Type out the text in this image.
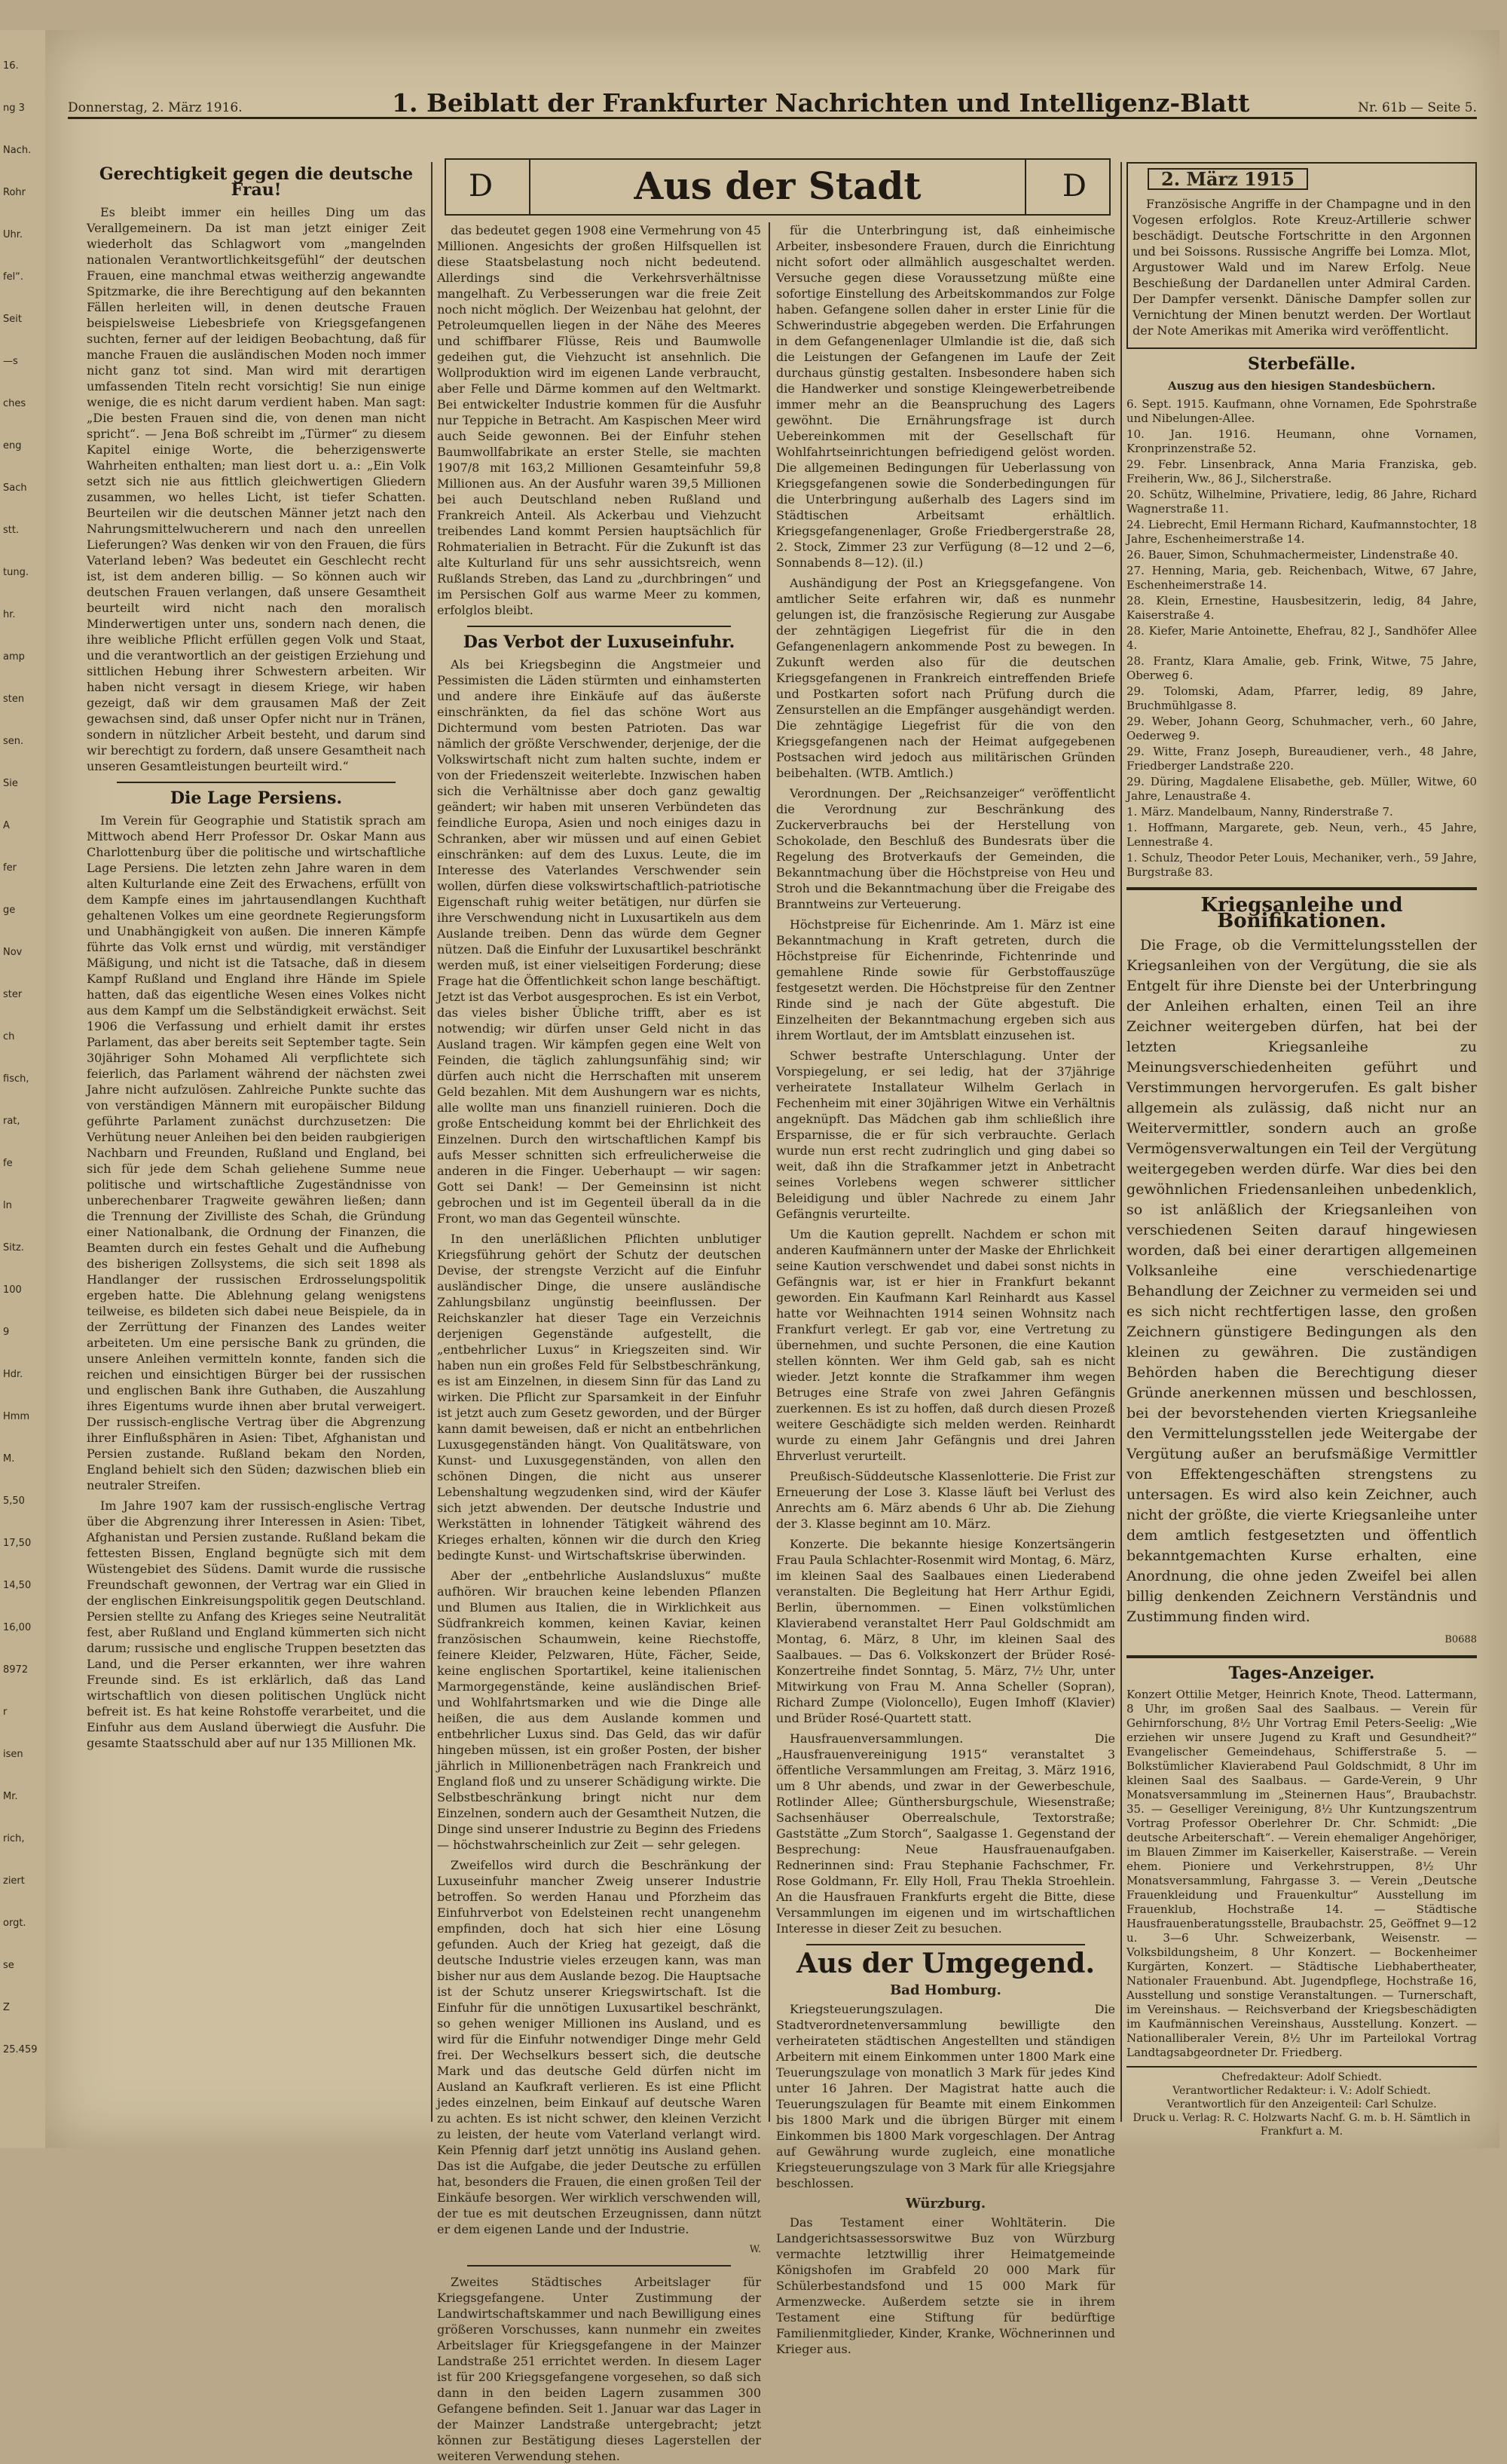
16.
ng 3
Nach.
Rohr
Uhr.
fel“.
Seit
—s
ches
eng
Sach
stt.
tung.
hr.
amp
sten
sen.
Sie
A
fer
ge
Nov
ster
ch
fisch,
rat,
fe
ln
Sitz.
100
9
Hdr.
Hmm
M.
5,50
17,50
14,50
16,00
8972
r
isen
Mr.
rich,
ziert
orgt.
se
Z
25.459
Donnerstag, 2. März 1916.	1. Beiblatt der Frankfurter Nachrichten und Intelligenz-Blatt	Nr. 61b — Seite 5.
D	Aus der Stadt	D
Gerechtigkeit gegen die deutsche Frau!

Es bleibt immer ein heilles Ding um das Verallgemeinern. Da ist man jetzt einiger Zeit wiederholt das Schlagwort vom „mangelnden nationalen Verantwortlichkeitsgefühl“ der deutschen Frauen, eine manchmal etwas weitherzig angewandte Spitzmarke, die ihre Berechtigung auf den bekannten Fällen herleiten will, in denen deutsche Frauen beispielsweise Liebesbriefe von Kriegsgefangenen suchten, ferner auf der leidigen Beobachtung, daß für manche Frauen die ausländischen Moden noch immer nicht ganz tot sind. Man wird mit derartigen umfassenden Titeln recht vorsichtig! Sie nun einige wenige, die es nicht darum verdient haben. Man sagt: „Die besten Frauen sind die, von denen man nicht spricht“. — Jena Boß schreibt im „Türmer“ zu diesem Kapitel einige Worte, die beherzigenswerte Wahrheiten enthalten; man liest dort u. a.: „Ein Volk setzt sich nie aus fittlich gleichwertigen Gliedern zusammen, wo helles Licht, ist tiefer Schatten. Beurteilen wir die deutschen Männer jetzt nach den Nahrungsmittelwucherern und nach den unreellen Lieferungen? Was denken wir von den Frauen, die fürs Vaterland leben? Was bedeutet ein Geschlecht recht ist, ist dem anderen billig. — So können auch wir deutschen Frauen verlangen, daß unsere Gesamtheit beurteilt wird nicht nach den moralisch Minderwertigen unter uns, sondern nach denen, die ihre weibliche Pflicht erfüllen gegen Volk und Staat, und die verantwortlich an der geistigen Erziehung und sittlichen Hebung ihrer Schwestern arbeiten. Wir haben nicht versagt in diesem Kriege, wir haben gezeigt, daß wir dem grausamen Maß der Zeit gewachsen sind, daß unser Opfer nicht nur in Tränen, sondern in nützlicher Arbeit besteht, und darum sind wir berechtigt zu fordern, daß unsere Gesamtheit nach unseren Gesamtleistungen beurteilt wird.“

Die Lage Persiens.

Im Verein für Geographie und Statistik sprach am Mittwoch abend Herr Professor Dr. Oskar Mann aus Charlottenburg über die politische und wirtschaftliche Lage Persiens. Die letzten zehn Jahre waren in dem alten Kulturlande eine Zeit des Erwachens, erfüllt von dem Kampfe eines im jahrtausendlangen Kuchthaft gehaltenen Volkes um eine geordnete Regierungsform und Unabhängigkeit von außen. Die inneren Kämpfe führte das Volk ernst und würdig, mit verständiger Mäßigung, und nicht ist die Tatsache, daß in diesem Kampf Rußland und England ihre Hände im Spiele hatten, daß das eigentliche Wesen eines Volkes nicht aus dem Kampf um die Selbständigkeit erwächst. Seit 1906 die Verfassung und erhielt damit ihr erstes Parlament, das aber bereits seit September tagte. Sein 30jähriger Sohn Mohamed Ali verpflichtete sich feierlich, das Parlament während der nächsten zwei Jahre nicht aufzulösen. Zahlreiche Punkte suchte das von verständigen Männern mit europäischer Bildung geführte Parlament zunächst durchzusetzen: Die Verhütung neuer Anleihen bei den beiden raubgierigen Nachbarn und Freunden, Rußland und England, bei sich für jede dem Schah geliehene Summe neue politische und wirtschaftliche Zugeständnisse von unberechenbarer Tragweite gewähren ließen; dann die Trennung der Zivilliste des Schah, die Gründung einer Nationalbank, die Ordnung der Finanzen, die Beamten durch ein festes Gehalt und die Aufhebung des bisherigen Zollsystems, die sich seit 1898 als Handlanger der russischen Erdrosselungspolitik ergeben hatte. Die Ablehnung gelang wenigstens teilweise, es bildeten sich dabei neue Beispiele, da in der Zerrüttung der Finanzen des Landes weiter arbeiteten. Um eine persische Bank zu gründen, die unsere Anleihen vermitteln konnte, fanden sich die reichen und einsichtigen Bürger bei der russischen und englischen Bank ihre Guthaben, die Auszahlung ihres Eigentums wurde ihnen aber brutal verweigert. Der russisch-englische Vertrag über die Abgrenzung ihrer Einflußsphären in Asien: Tibet, Afghanistan und Persien zustande. Rußland bekam den Norden, England behielt sich den Süden; dazwischen blieb ein neutraler Streifen.

Im Jahre 1907 kam der russisch-englische Vertrag über die Abgrenzung ihrer Interessen in Asien: Tibet, Afghanistan und Persien zustande. Rußland bekam die fettesten Bissen, England begnügte sich mit dem Wüstengebiet des Südens. Damit wurde die russische Freundschaft gewonnen, der Vertrag war ein Glied in der englischen Einkreisungspolitik gegen Deutschland. Persien stellte zu Anfang des Krieges seine Neutralität fest, aber Rußland und England kümmerten sich nicht darum; russische und englische Truppen besetzten das Land, und die Perser erkannten, wer ihre wahren Freunde sind. Es ist erklärlich, daß das Land wirtschaftlich von diesen politischen Unglück nicht befreit ist. Es hat keine Rohstoffe verarbeitet, und die Einfuhr aus dem Ausland überwiegt die Ausfuhr. Die gesamte Staatsschuld aber auf nur 135 Millionen Mk.

das bedeutet gegen 1908 eine Vermehrung von 45 Millionen. Angesichts der großen Hilfsquellen ist diese Staatsbelastung noch nicht bedeutend. Allerdings sind die Verkehrsverhältnisse mangelhaft. Zu Verbesserungen war die freie Zeit noch nicht möglich. Der Weizenbau hat gelohnt, der Petroleumquellen liegen in der Nähe des Meeres und schiffbarer Flüsse, Reis und Baumwolle gedeihen gut, die Viehzucht ist ansehnlich. Die Wollproduktion wird im eigenen Lande verbraucht, aber Felle und Därme kommen auf den Weltmarkt. Bei entwickelter Industrie kommen für die Ausfuhr nur Teppiche in Betracht. Am Kaspischen Meer wird auch Seide gewonnen. Bei der Einfuhr stehen Baumwollfabrikate an erster Stelle, sie machten 1907/8 mit 163,2 Millionen Gesamteinfuhr 59,8 Millionen aus. An der Ausfuhr waren 39,5 Millionen bei auch Deutschland neben Rußland und Frankreich Anteil. Als Ackerbau und Viehzucht treibendes Land kommt Persien hauptsächlich für Rohmaterialien in Betracht. Für die Zukunft ist das alte Kulturland für uns sehr aussichtsreich, wenn Rußlands Streben, das Land zu „durchbringen“ und im Persischen Golf aus warme Meer zu kommen, erfolglos bleibt.

Das Verbot der Luxuseinfuhr.

Als bei Kriegsbeginn die Angstmeier und Pessimisten die Läden stürmten und einhamsterten und andere ihre Einkäufe auf das äußerste einschränkten, da fiel das schöne Wort aus Dichtermund vom besten Patrioten. Das war nämlich der größte Verschwender, derjenige, der die Volkswirtschaft nicht zum halten suchte, indem er von der Friedenszeit weiterlebte. Inzwischen haben sich die Verhältnisse aber doch ganz gewaltig geändert; wir haben mit unseren Verbündeten das feindliche Europa, Asien und noch einiges dazu in Schranken, aber wir müssen und auf einen Gebiet einschränken: auf dem des Luxus. Leute, die im Interesse des Vaterlandes Verschwender sein wollen, dürfen diese volkswirtschaftlich-patriotische Eigenschaft ruhig weiter betätigen, nur dürfen sie ihre Verschwendung nicht in Luxusartikeln aus dem Auslande treiben. Denn das würde dem Gegner nützen. Daß die Einfuhr der Luxusartikel beschränkt werden muß, ist einer vielseitigen Forderung; diese Frage hat die Öffentlichkeit schon lange beschäftigt. Jetzt ist das Verbot ausgesprochen. Es ist ein Verbot, das vieles bisher Übliche trifft, aber es ist notwendig; wir dürfen unser Geld nicht in das Ausland tragen. Wir kämpfen gegen eine Welt von Feinden, die täglich zahlungsunfähig sind; wir dürfen auch nicht die Herrschaften mit unserem Geld bezahlen. Mit dem Aushungern war es nichts, alle wollte man uns finanziell ruinieren. Doch die große Entscheidung kommt bei der Ehrlichkeit des Einzelnen. Durch den wirtschaftlichen Kampf bis aufs Messer schnitten sich erfreulicherweise die anderen in die Finger. Ueberhaupt — wir sagen: Gott sei Dank! — Der Gemeinsinn ist nicht gebrochen und ist im Gegenteil überall da in die Front, wo man das Gegenteil wünschte.

In den unerläßlichen Pflichten unblutiger Kriegsführung gehört der Schutz der deutschen Devise, der strengste Verzicht auf die Einfuhr ausländischer Dinge, die unsere ausländische Zahlungsbilanz ungünstig beeinflussen. Der Reichskanzler hat dieser Tage ein Verzeichnis derjenigen Gegenstände aufgestellt, die „entbehrlicher Luxus“ in Kriegszeiten sind. Wir haben nun ein großes Feld für Selbstbeschränkung, es ist am Einzelnen, in diesem Sinn für das Land zu wirken. Die Pflicht zur Sparsamkeit in der Einfuhr ist jetzt auch zum Gesetz geworden, und der Bürger kann damit beweisen, daß er nicht an entbehrlichen Luxusgegenständen hängt. Von Qualitätsware, von Kunst- und Luxusgegenständen, von allen den schönen Dingen, die nicht aus unserer Lebenshaltung wegzudenken sind, wird der Käufer sich jetzt abwenden. Der deutsche Industrie und Werkstätten in lohnender Tätigkeit während des Krieges erhalten, können wir die durch den Krieg bedingte Kunst- und Wirtschaftskrise überwinden.

Aber der „entbehrliche Auslandsluxus“ mußte aufhören. Wir brauchen keine lebenden Pflanzen und Blumen aus Italien, die in Wirklichkeit aus Südfrankreich kommen, keinen Kaviar, keinen französischen Schaumwein, keine Riechstoffe, feinere Kleider, Pelzwaren, Hüte, Fächer, Seide, keine englischen Sportartikel, keine italienischen Marmorgegenstände, keine ausländischen Brief- und Wohlfahrtsmarken und wie die Dinge alle heißen, die aus dem Auslande kommen und entbehrlicher Luxus sind. Das Geld, das wir dafür hingeben müssen, ist ein großer Posten, der bisher jährlich in Millionenbeträgen nach Frankreich und England floß und zu unserer Schädigung wirkte. Die Selbstbeschränkung bringt nicht nur dem Einzelnen, sondern auch der Gesamtheit Nutzen, die Dinge sind unserer Industrie zu Beginn des Friedens — höchstwahrscheinlich zur Zeit — sehr gelegen.

Zweifellos wird durch die Beschränkung der Luxuseinfuhr mancher Zweig unserer Industrie betroffen. So werden Hanau und Pforzheim das Einfuhrverbot von Edelsteinen recht unangenehm empfinden, doch hat sich hier eine Lösung gefunden. Auch der Krieg hat gezeigt, daß die deutsche Industrie vieles erzeugen kann, was man bisher nur aus dem Auslande bezog. Die Hauptsache ist der Schutz unserer Kriegswirtschaft. Ist die Einfuhr für die unnötigen Luxusartikel beschränkt, so gehen weniger Millionen ins Ausland, und es wird für die Einfuhr notwendiger Dinge mehr Geld frei. Der Wechselkurs bessert sich, die deutsche Mark und das deutsche Geld dürfen nicht im Ausland an Kaufkraft verlieren. Es ist eine Pflicht jedes einzelnen, beim Einkauf auf deutsche Waren zu achten. Es ist nicht schwer, den kleinen Verzicht zu leisten, der heute vom Vaterland verlangt wird. Kein Pfennig darf jetzt unnötig ins Ausland gehen. Das ist die Aufgabe, die jeder Deutsche zu erfüllen hat, besonders die Frauen, die einen großen Teil der Einkäufe besorgen. Wer wirklich verschwenden will, der tue es mit deutschen Erzeugnissen, dann nützt er dem eigenen Lande und der Industrie.

W.

Zweites Städtisches Arbeitslager für Kriegsgefangene. Unter Zustimmung der Landwirtschaftskammer und nach Bewilligung eines größeren Vorschusses, kann nunmehr ein zweites Arbeitslager für Kriegsgefangene in der Mainzer Landstraße 251 errichtet werden. In diesem Lager ist für 200 Kriegsgefangene vorgesehen, so daß sich dann in den beiden Lagern zusammen 300 Gefangene befinden. Seit 1. Januar war das Lager in der Mainzer Landstraße untergebracht; jetzt können zur Bestätigung dieses Lagerstellen der weiteren Verwendung stehen.

für die Unterbringung ist, daß einheimische Arbeiter, insbesondere Frauen, durch die Einrichtung nicht sofort oder allmählich ausgeschaltet werden. Versuche gegen diese Voraussetzung müßte eine sofortige Einstellung des Arbeitskommandos zur Folge haben. Gefangene sollen daher in erster Linie für die Schwerindustrie abgegeben werden. Die Erfahrungen in dem Gefangenenlager Ulmlandie ist die, daß sich die Leistungen der Gefangenen im Laufe der Zeit durchaus günstig gestalten. Insbesondere haben sich die Handwerker und sonstige Kleingewerbetreibende immer mehr an die Beanspruchung des Lagers gewöhnt. Die Ernährungsfrage ist durch Uebereinkommen mit der Gesellschaft für Wohlfahrtseinrichtungen befriedigend gelöst worden. Die allgemeinen Bedingungen für Ueberlassung von Kriegsgefangenen sowie die Sonderbedingungen für die Unterbringung außerhalb des Lagers sind im Städtischen Arbeitsamt erhältlich. Kriegsgefangenenlager, Große Friedbergerstraße 28, 2. Stock, Zimmer 23 zur Verfügung (8—12 und 2—6, Sonnabends 8—12). (il.)

Aushändigung der Post an Kriegsgefangene. Von amtlicher Seite erfahren wir, daß es nunmehr gelungen ist, die französische Regierung zur Ausgabe der zehntägigen Liegefrist für die in den Gefangenenlagern ankommende Post zu bewegen. In Zukunft werden also für die deutschen Kriegsgefangenen in Frankreich eintreffenden Briefe und Postkarten sofort nach Prüfung durch die Zensurstellen an die Empfänger ausgehändigt werden. Die zehntägige Liegefrist für die von den Kriegsgefangenen nach der Heimat aufgegebenen Postsachen wird jedoch aus militärischen Gründen beibehalten. (WTB. Amtlich.)

Verordnungen. Der „Reichsanzeiger“ veröffentlicht die Verordnung zur Beschränkung des Zuckerverbrauchs bei der Herstellung von Schokolade, den Beschluß des Bundesrats über die Regelung des Brotverkaufs der Gemeinden, die Bekanntmachung über die Höchstpreise von Heu und Stroh und die Bekanntmachung über die Freigabe des Branntweins zur Verteuerung.

Höchstpreise für Eichenrinde. Am 1. März ist eine Bekanntmachung in Kraft getreten, durch die Höchstpreise für Eichenrinde, Fichtenrinde und gemahlene Rinde sowie für Gerbstoffauszüge festgesetzt werden. Die Höchstpreise für den Zentner Rinde sind je nach der Güte abgestuft. Die Einzelheiten der Bekanntmachung ergeben sich aus ihrem Wortlaut, der im Amtsblatt einzusehen ist.

Schwer bestrafte Unterschlagung. Unter der Vorspiegelung, er sei ledig, hat der 37jährige verheiratete Installateur Wilhelm Gerlach in Fechenheim mit einer 30jährigen Witwe ein Verhältnis angeknüpft. Das Mädchen gab ihm schließlich ihre Ersparnisse, die er für sich verbrauchte. Gerlach wurde nun erst recht zudringlich und ging dabei so weit, daß ihn die Strafkammer jetzt in Anbetracht seines Vorlebens wegen schwerer sittlicher Beleidigung und übler Nachrede zu einem Jahr Gefängnis verurteilte.

Um die Kaution geprellt. Nachdem er schon mit anderen Kaufmännern unter der Maske der Ehrlichkeit seine Kaution verschwendet und dabei sonst nichts in Gefängnis war, ist er hier in Frankfurt bekannt geworden. Ein Kaufmann Karl Reinhardt aus Kassel hatte vor Weihnachten 1914 seinen Wohnsitz nach Frankfurt verlegt. Er gab vor, eine Vertretung zu übernehmen, und suchte Personen, die eine Kaution stellen könnten. Wer ihm Geld gab, sah es nicht wieder. Jetzt konnte die Strafkammer ihm wegen Betruges eine Strafe von zwei Jahren Gefängnis zuerkennen. Es ist zu hoffen, daß durch diesen Prozeß weitere Geschädigte sich melden werden. Reinhardt wurde zu einem Jahr Gefängnis und drei Jahren Ehrverlust verurteilt.

Preußisch-Süddeutsche Klassenlotterie. Die Frist zur Erneuerung der Lose 3. Klasse läuft bei Verlust des Anrechts am 6. März abends 6 Uhr ab. Die Ziehung der 3. Klasse beginnt am 10. März.

Konzerte. Die bekannte hiesige Konzertsängerin Frau Paula Schlachter-Rosenmit wird Montag, 6. März, im kleinen Saal des Saalbaues einen Liederabend veranstalten. Die Begleitung hat Herr Arthur Egidi, Berlin, übernommen. — Einen volkstümlichen Klavierabend veranstaltet Herr Paul Goldschmidt am Montag, 6. März, 8 Uhr, im kleinen Saal des Saalbaues. — Das 6. Volkskonzert der Brüder Rosé-Konzertreihe findet Sonntag, 5. März, 7½ Uhr, unter Mitwirkung von Frau M. Anna Scheller (Sopran), Richard Zumpe (Violoncello), Eugen Imhoff (Klavier) und Brüder Rosé-Quartett statt.

Hausfrauenversammlungen. Die „Hausfrauenvereinigung 1915“ veranstaltet 3 öffentliche Versammlungen am Freitag, 3. März 1916, um 8 Uhr abends, und zwar in der Gewerbeschule, Rotlinder Allee; Günthersburgschule, Wiesenstraße; Sachsenhäuser Oberrealschule, Textorstraße; Gaststätte „Zum Storch“, Saalgasse 1. Gegenstand der Besprechung: Neue Hausfrauenaufgaben. Rednerinnen sind: Frau Stephanie Fachschmer, Fr. Rose Goldmann, Fr. Elly Holl, Frau Thekla Stroehlein. An die Hausfrauen Frankfurts ergeht die Bitte, diese Versammlungen im eigenen und im wirtschaftlichen Interesse in dieser Zeit zu besuchen.

Aus der Umgegend.
Bad Homburg.

Kriegsteuerungszulagen. Die Stadtverordnetenversammlung bewilligte den verheirateten städtischen Angestellten und ständigen Arbeitern mit einem Einkommen unter 1800 Mark eine Teuerungszulage von monatlich 3 Mark für jedes Kind unter 16 Jahren. Der Magistrat hatte auch die Teuerungszulagen für Beamte mit einem Einkommen bis 1800 Mark und die übrigen Bürger mit einem Einkommen bis 1800 Mark vorgeschlagen. Der Antrag auf Gewährung wurde zugleich, eine monatliche Kriegsteuerungszulage von 3 Mark für alle Kriegsjahre beschlossen.

Würzburg.

Das Testament einer Wohltäterin. Die Landgerichtsassessorswitwe Buz von Würzburg vermachte letztwillig ihrer Heimatgemeinde Königshofen im Grabfeld 20 000 Mark für Schülerbestandsfond und 15 000 Mark für Armenzwecke. Außerdem setzte sie in ihrem Testament eine Stiftung für bedürftige Familienmitglieder, Kinder, Kranke, Wöchnerinnen und Krieger aus.

2. März 1915

Französische Angriffe in der Champagne und in den Vogesen erfolglos. Rote Kreuz-Artillerie schwer beschädigt. Deutsche Fortschritte in den Argonnen und bei Soissons. Russische Angriffe bei Lomza. Mlot, Argustower Wald und im Narew Erfolg. Neue Beschießung der Dardanellen unter Admiral Carden. Der Dampfer versenkt. Dänische Dampfer sollen zur Vernichtung der Minen benutzt werden. Der Wortlaut der Note Amerikas mit Amerika wird veröffentlicht.

Sterbefälle.
Auszug aus den hiesigen Standesbüchern.

6. Sept. 1915. Kaufmann, ohne Vornamen, Ede Spohrstraße und Nibelungen-Allee.

10. Jan. 1916. Heumann, ohne Vornamen, Kronprinzenstraße 52.

29. Febr. Linsenbrack, Anna Maria Franziska, geb. Freiherin, Ww., 86 J., Silcherstraße.

20. Schütz, Wilhelmine, Privatiere, ledig, 86 Jahre, Richard Wagnerstraße 11.

24. Liebrecht, Emil Hermann Richard, Kaufmannstochter, 18 Jahre, Eschenheimerstraße 14.

26. Bauer, Simon, Schuhmachermeister, Lindenstraße 40.

27. Henning, Maria, geb. Reichenbach, Witwe, 67 Jahre, Eschenheimerstraße 14.

28. Klein, Ernestine, Hausbesitzerin, ledig, 84 Jahre, Kaiserstraße 4.

28. Kiefer, Marie Antoinette, Ehefrau, 82 J., Sandhöfer Allee 4.

28. Frantz, Klara Amalie, geb. Frink, Witwe, 75 Jahre, Oberweg 6.

29. Tolomski, Adam, Pfarrer, ledig, 89 Jahre, Bruchmühlgasse 8.

29. Weber, Johann Georg, Schuhmacher, verh., 60 Jahre, Oederweg 9.

29. Witte, Franz Joseph, Bureaudiener, verh., 48 Jahre, Friedberger Landstraße 220.

29. Düring, Magdalene Elisabethe, geb. Müller, Witwe, 60 Jahre, Lenaustraße 4.

1. März. Mandelbaum, Nanny, Rinderstraße 7.

1. Hoffmann, Margarete, geb. Neun, verh., 45 Jahre, Lennestraße 4.

1. Schulz, Theodor Peter Louis, Mechaniker, verh., 59 Jahre, Burgstraße 83.

Kriegsanleihe und Bonifikationen.

Die Frage, ob die Vermittelungsstellen der Kriegsanleihen von der Vergütung, die sie als Entgelt für ihre Dienste bei der Unterbringung der Anleihen erhalten, einen Teil an ihre Zeichner weitergeben dürfen, hat bei der letzten Kriegsanleihe zu Meinungsverschiedenheiten geführt und Verstimmungen hervorgerufen. Es galt bisher allgemein als zulässig, daß nicht nur an Weitervermittler, sondern auch an große Vermögensverwaltungen ein Teil der Vergütung weitergegeben werden dürfe. War dies bei den gewöhnlichen Friedensanleihen unbedenklich, so ist anläßlich der Kriegsanleihen von verschiedenen Seiten darauf hingewiesen worden, daß bei einer derartigen allgemeinen Volksanleihe eine verschiedenartige Behandlung der Zeichner zu vermeiden sei und es sich nicht rechtfertigen lasse, den großen Zeichnern günstigere Bedingungen als den kleinen zu gewähren. Die zuständigen Behörden haben die Berechtigung dieser Gründe anerkennen müssen und beschlossen, bei der bevorstehenden vierten Kriegsanleihe den Vermittelungsstellen jede Weitergabe der Vergütung außer an berufsmäßige Vermittler von Effektengeschäften strengstens zu untersagen. Es wird also kein Zeichner, auch nicht der größte, die vierte Kriegsanleihe unter dem amtlich festgesetzten und öffentlich bekanntgemachten Kurse erhalten, eine Anordnung, die ohne jeden Zweifel bei allen billig denkenden Zeichnern Verständnis und Zustimmung finden wird.

B0688
Tages-Anzeiger.

Konzert Ottilie Metger, Heinrich Knote, Theod. Lattermann, 8 Uhr, im großen Saal des Saalbaus. — Verein für Gehirnforschung, 8½ Uhr Vortrag Emil Peters-Seelig: „Wie erziehen wir unsere Jugend zu Kraft und Gesundheit?“ Evangelischer Gemeindehaus, Schifferstraße 5. — Bolkstümlicher Klavierabend Paul Goldschmidt, 8 Uhr im kleinen Saal des Saalbaus. — Garde-Verein, 9 Uhr Monatsversammlung im „Steinernen Haus“, Braubachstr. 35. — Geselliger Vereinigung, 8½ Uhr Kuntzungszentrum Vortrag Professor Oberlehrer Dr. Chr. Schmidt: „Die deutsche Arbeiterschaft“. — Verein ehemaliger Angehöriger, im Blauen Zimmer im Kaiserkeller, Kaiserstraße. — Verein ehem. Pioniere und Verkehrstruppen, 8½ Uhr Monatsversammlung, Fahrgasse 3. — Verein „Deutsche Frauenkleidung und Frauenkultur“ Ausstellung im Frauenklub, Hochstraße 14. — Städtische Hausfrauenberatungsstelle, Braubachstr. 25, Geöffnet 9—12 u. 3—6 Uhr. Schweizerbank, Weisenstr. — Volksbildungsheim, 8 Uhr Konzert. — Bockenheimer Kurgärten, Konzert. — Städtische Liebhabertheater, Nationaler Frauenbund. Abt. Jugendpflege, Hochstraße 16, Ausstellung und sonstige Veranstaltungen. — Turnerschaft, im Vereinshaus. — Reichsverband der Kriegsbeschädigten im Kaufmännischen Vereinshaus, Ausstellung. Konzert. — Nationalliberaler Verein, 8½ Uhr im Parteilokal Vortrag Landtagsabgeordneter Dr. Friedberg.

Chefredakteur: Adolf Schiedt.
Verantwortlicher Redakteur: i. V.: Adolf Schiedt.
Verantwortlich für den Anzeigenteil: Carl Schulze.
Druck u. Verlag: R. C. Holzwarts Nachf. G. m. b. H. Sämtlich in Frankfurt a. M.
